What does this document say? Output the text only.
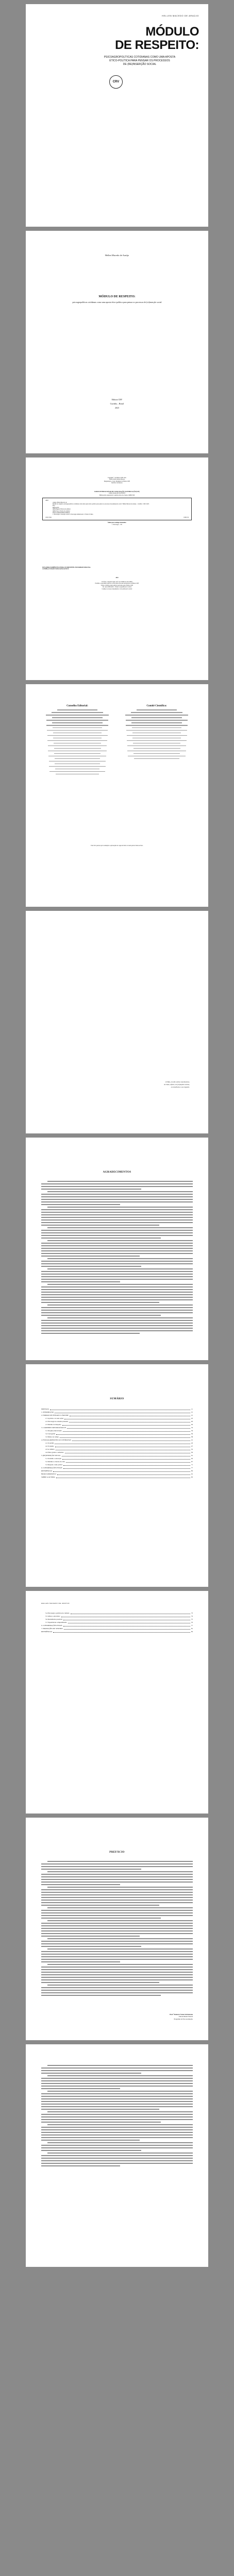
HELLEN MACEDO DE ARAÚJO
MÓDULO
DE RESPEITO:
PSICOAGROPOLÍTICAS COTIDIANAS COMO UMA APOSTA
ÉTICO-POLÍTICA PARA PENSAR OS PROCESSOS
DE (RE)INSERÇÃO SOCIAL
CRV
Hellen Macedo de Araújo
MÓDULO DE RESPEITO:
psicoagropolíticas cotidianas como uma aposta ético-política para pensar os processos de (re)inserção social
Editora CRV
Curitiba – Brasil
2023
Copyright © da Editora CRV Ltda.
Editor-chefe: Railson Moura
Diagramação e Capa: Designers da Editora CRV
Revisão: Os Autores
DADOS INTERNACIONAIS DE CATALOGAÇÃO NA PUBLICAÇÃO (CIP)
CATALOGAÇÃO NA FONTE
Bibliotecária responsável: Luzenira Alves dos Santos CRB9/1506
A663
Araújo, Hellen Macedo de
Módulo de respeito: psicoagropolíticas cotidianas como uma aposta ético-política para pensar os processos de (re)inserção social / Hellen Macedo de Araújo – Curitiba : CRV, 2023.
96 p.
Bibliografia
ISBN Digital 978-65-251-0000-0
ISBN Físico 978-65-251-0000-0
DOI 10.24824/978652510000.0
1. Psicologia 2. Inserção social 3. Psicologia institucional. I. Título II. Série.
CDU 159.9	CDD 150
Índice para catálogo sistemático
1. Psicologia – 150
ESTA OBRA TAMBÉM ENCONTRA-SE DISPONÍVEL EM FORMATO DIGITAL.
CONHEÇA E BAIXE NOSSO APLICATIVO!
2023
Foi feito o depósito legal conf. Lei 10.994 de 14/12/2004
Proibida a reprodução parcial ou total desta obra sem autorização da Editora CRV
Todos os direitos desta edição reservados pela: Editora CRV
Tel.: (41) 3039-6418 – E-mail: sac@editoracrv.com.br
Conheça os nossos lançamentos: www.editoracrv.com.br
Conselho Editorial:	Comitê Científico:
Este livro passou por avaliação e aprovação às cegas de dois ou mais pareceristas ad hoc.
À Vida, em tão vários movimentos,
às lutas, afetos, às (re)lações outras,
à resistência e ao respeito.
AGRADECIMENTOS
SUMÁRIO
PREFÁCIO	11
1. INTRODUÇÃO	15
2. FORMAS DE PENSAR O CÁRCERE	21
2.1 A prisão e as suas ações	22
2.2 Psicologia no sistema prisional	26
2.3 Módulo de Respeito	29
3. CAMINHOS METODOLÓGICOS	33
3.1 Pesquisa-intervenção	34
3.2 Cartografia	36
3.3 Diário de campo	38
4. PSICOAGROPOLÍTICAS COTIDIANAS	41
4.1 O jardim	43
4.2 O plantio	47
4.3 A colheita	52
4.4 Entre grades e sementes	56
5. (RE)INSERÇÃO SOCIAL	61
5.1 Trabalho e educação	63
5.2 Módulos e modos de vida	67
5.3 Respeito como prática	71
6. CONSIDERAÇÕES FINAIS	77
REFERÊNCIAS	83
ÍNDICE REMISSIVO	91
SOBRE A AUTORA	95
HELLEN MACEDO DE ARAÚJO
5.4 Psicologia e políticas de cuidado	73
5.5 Afetos e encontros	74
5.6 Resistências possíveis	75
5.7 Experiências compartilhadas	76
6. CONSIDERAÇÕES FINAIS	77
7. PRODUÇÕES DE SENTIDO	81
REFERÊNCIAS	83
PREFÁCIO
Prof.ª Doutora Nome Sobrenome
Universidade Federal
Programa de Pós-Graduação
